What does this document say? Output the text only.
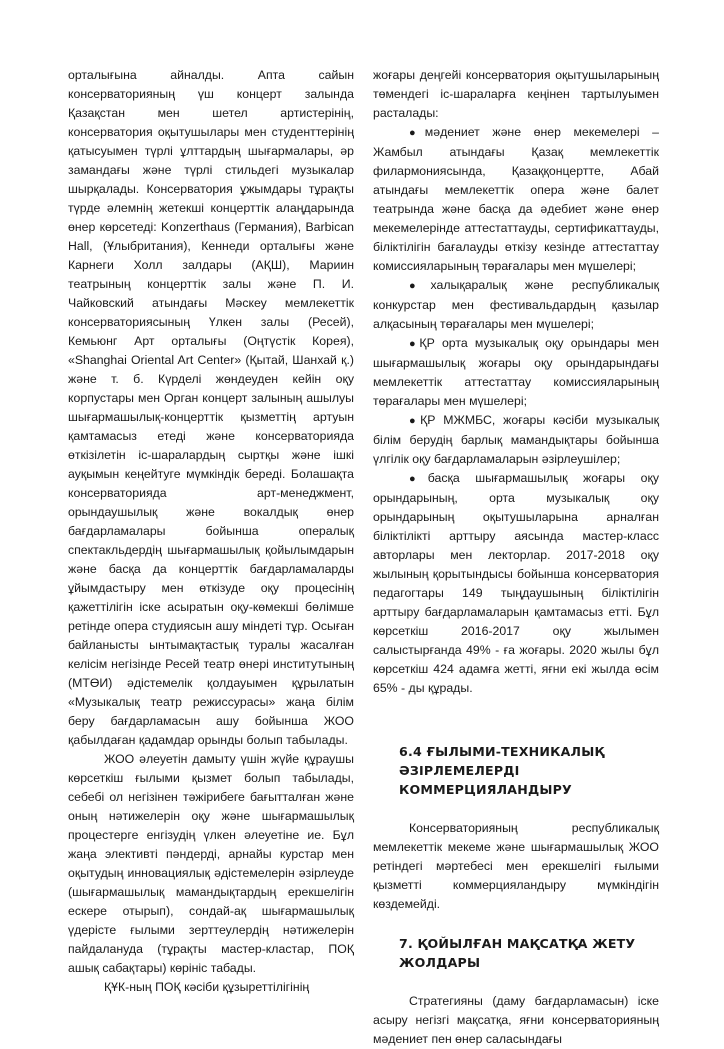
орталығына айналды. Апта сайын консерваторияның үш концерт залында Қазақстан мен шетел артистерінің, консерватория оқытушылары мен студенттерінің қатысуымен түрлі ұлттардың шығармалары, әр замандағы және түрлі стильдегі музыкалар шырқалады. Консерватория ұжымдары тұрақты түрде әлемнің жетекші концерттік алаңдарында өнер көрсетеді: Konzerthaus (Германия), Barbican Hall, (Ұлыбритания), Кеннеди орталығы және Карнеги Холл залдары (АҚШ), Мариин театрының концерттік залы және П. И. Чайковский атындағы Мәскеу мемлекеттік консерваториясының Үлкен залы (Ресей), Кемьюнг Арт орталығы (Оңтүстік Корея), «Shanghai Oriental Art Center» (Қытай, Шанхай қ.) және т. б. Күрделі жөндеуден кейін оқу корпустары мен Орган концерт залының ашылуы шығармашылық-концерттік қызметтің артуын қамтамасыз етеді және консерваторияда өткізілетін іс-шаралардың сыртқы және ішкі ауқымын кеңейтуге мүмкіндік береді. Болашақта консерваторияда арт-менеджмент, орындаушылық және вокалдық өнер бағдарламалары бойынша опералық спектакльдердің шығармашылық қойылымдарын және басқа да концерттік бағдарламаларды ұйымдастыру мен өткізуде оқу процесінің қажеттілігін іске асыратын оқу-көмекші бөлімше ретінде опера студиясын ашу міндеті тұр. Осыған байланысты ынтымақтастық туралы жасалған келісім негізінде Ресей театр өнері институтының (МТӨИ) әдістемелік қолдауымен құрылатын «Музыкалық театр режиссурасы» жаңа білім беру бағдарламасын ашу бойынша ЖОО қабылдаған қадамдар орынды болып табылады.

ЖОО әлеуетін дамыту үшін жүйе құраушы көрсеткіш ғылыми қызмет болып табылады, себебі ол негізінен тәжірибеге бағытталған және оның нәтижелерін оқу және шығармашылық процестерге енгізудің үлкен әлеуетіне ие. Бұл жаңа элективті пәндерді, арнайы курстар мен оқытудың инновациялық әдістемелерін әзірлеуде (шығармашылық мамандықтардың ерекшелігін ескере отырып), сондай-ақ шығармашылық үдерісте ғылыми зерттеулердің нәтижелерін пайдалануда (тұрақты мастер-кластар, ПОҚ ашық сабақтары) көрініс табады.

ҚҰК-ның ПОҚ кәсіби құзыреттілігінің

жоғары деңгейі консерватория оқытушыларының төмендегі іс-шараларға кеңінен тартылуымен расталады:

●мәдениет және өнер мекемелері – Жамбыл атындағы Қазақ мемлекеттік филармониясында, Қазаққонцертте, Абай атындағы мемлекеттік опера және балет театрында және басқа да әдебиет және өнер мекемелерінде аттестаттауды, сертификаттауды, біліктілігін бағалауды өткізу кезінде аттестаттау комиссияларының төрағалары мен мүшелері;

●халықаралық және республикалық конкурстар мен фестивальдардың қазылар алқасының төрағалары мен мүшелері;

●ҚР орта музыкалық оқу орындары мен шығармашылық жоғары оқу орындарындағы мемлекеттік аттестаттау комиссияларының төрағалары мен мүшелері;

●ҚР МЖМБС, жоғары кәсіби музыкалық білім берудің барлық мамандықтары бойынша үлгілік оқу бағдарламаларын әзірлеушілер;

●басқа шығармашылық жоғары оқу орындарының, орта музыкалық оқу орындарының оқытушыларына арналған біліктілікті арттыру аясында мастер-класс авторлары мен лекторлар. 2017-2018 оқу жылының қорытындысы бойынша консерватория педагогтары 149 тыңдаушының біліктілігін арттыру бағдарламаларын қамтамасыз етті. Бұл көрсеткіш 2016-2017 оқу жылымен салыстырғанда 49% - ға жоғары. 2020 жылы бұл көрсеткіш 424 адамға жетті, яғни екі жылда өсім 65% - ды құрады.

6.4 ҒЫЛЫМИ-ТЕХНИКАЛЫҚ ӘЗІРЛЕМЕЛЕРДІ КОММЕРЦИЯЛАНДЫРУ

Консерваторияның республикалық мемлекеттік мекеме және шығармашылық ЖОО ретіндегі мәртебесі мен ерекшелігі ғылыми қызметті коммерцияландыру мүмкіндігін көздемейді.

7. ҚОЙЫЛҒАН МАҚСАТҚА ЖЕТУ ЖОЛДАРЫ

Стратегияны (даму бағдарламасын) іске асыру негізгі мақсатқа, яғни консерваторияның мәдениет пен өнер саласындағы
